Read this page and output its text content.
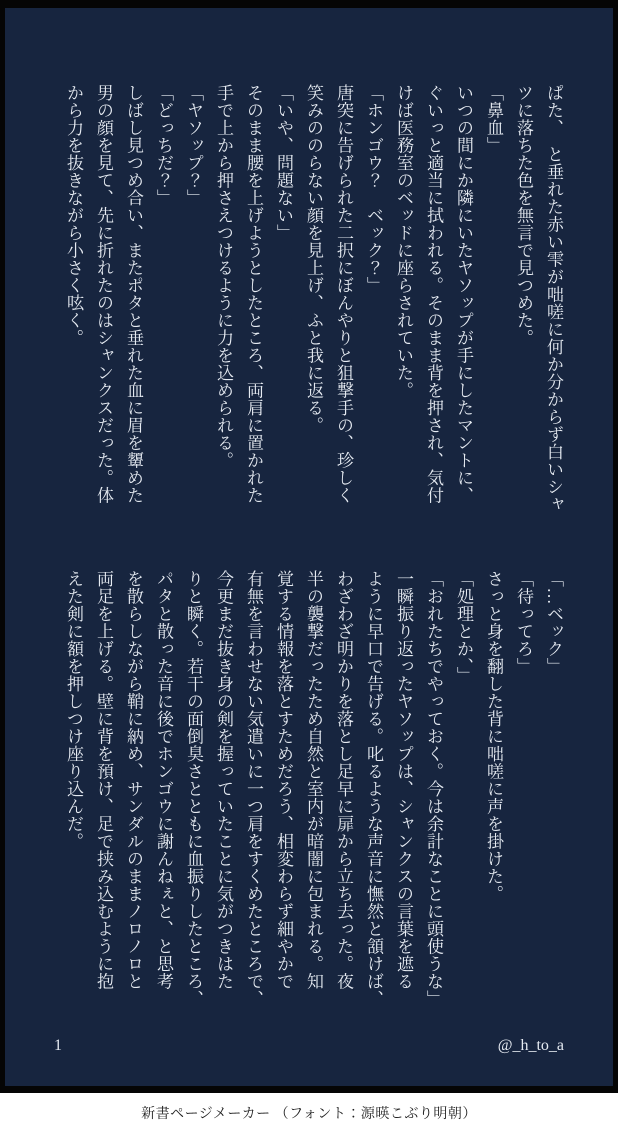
ぱた、　と垂れた赤い雫が咄嗟に何か分からず白いシャ

ツに落ちた色を無言で見つめた。

「鼻血」

いつの間にか隣にいたヤソップが手にしたマントに、

ぐいっと適当に拭われる。そのまま背を押され、気付

けば医務室のベッドに座らされていた。

「ホンゴウ？　ベック？」

唐突に告げられた二択にぼんやりと狙撃手の、珍しく

笑みののらない顔を見上げ、ふと我に返る。

「いや、問題ない」

そのまま腰を上げようとしたところ、両肩に置かれた

手で上から押さえつけるように力を込められる。

「ヤソップ？」

「どっちだ？」

しばし見つめ合い、またポタと垂れた血に眉を顰めた

男の顔を見て、先に折れたのはシャンクスだった。体

から力を抜きながら小さく呟く。

「…ベック」

「待ってろ」

さっと身を翻した背に咄嗟に声を掛けた。

「処理とか、」

「おれたちでやっておく。今は余計なことに頭使うな」

一瞬振り返ったヤソップは、シャンクスの言葉を遮る

ように早口で告げる。叱るような声音に憮然と頷けば、

わざわざ明かりを落とし足早に扉から立ち去った。夜

半の襲撃だったため自然と室内が暗闇に包まれる。知

覚する情報を落とすためだろう、相変わらず細やかで

有無を言わせない気遣いに一つ肩をすくめたところで、

今更まだ抜き身の剣を握っていたことに気がつきはた

りと瞬く。若干の面倒臭さとともに血振りしたところ、

パタと散った音に後でホンゴウに謝んねぇと、と思考

を散らしながら鞘に納め、サンダルのままノロノロと

両足を上げる。壁に背を預け、足で挟み込むように抱

えた剣に額を押しつけ座り込んだ。

1	@_h_to_a
新書ページメーカー （フォント：源暎こぶり明朝）
